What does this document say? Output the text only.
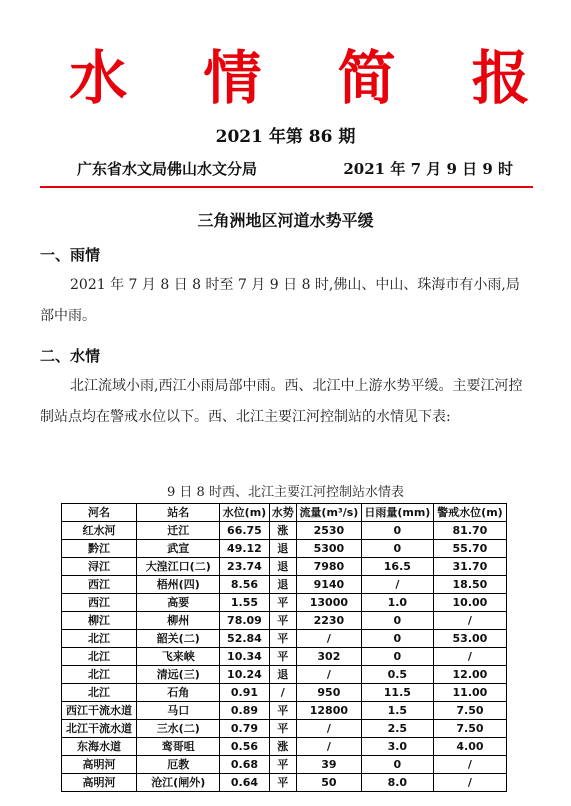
水 情 简 报
2021 年第 86 期
广东省水文局佛山水文分局	2021 年 7 月 9 日 9 时
三角洲地区河道水势平缓
一、雨情
2021 年 7 月 8 日 8 时至 7 月 9 日 8 时,佛山、中山、珠海市有小雨,局部中雨。
二、水情
北江流域小雨,西江小雨局部中雨。西、北江中上游水势平缓。主要江河控制站点均在警戒水位以下。西、北江主要江河控制站的水情见下表:
9 日 8 时西、北江主要江河控制站水情表
河名	站名	水位(m)	水势	流量(m³/s)	日雨量(mm)	警戒水位(m)
红水河	迁江	66.75	涨	2530	0	81.70
黔江	武宣	49.12	退	5300	0	55.70
浔江	大湟江口(二)	23.74	退	7980	16.5	31.70
西江	梧州(四)	8.56	退	9140	/	18.50
西江	高要	1.55	平	13000	1.0	10.00
柳江	柳州	78.09	平	2230	0	/
北江	韶关(二)	52.84	平	/	0	53.00
北江	飞来峡	10.34	平	302	0	/
北江	清远(三)	10.24	退	/	0.5	12.00
北江	石角	0.91	/	950	11.5	11.00
西江干流水道	马口	0.89	平	12800	1.5	7.50
北江干流水道	三水(二)	0.79	平	/	2.5	7.50
东海水道	鸾哥咀	0.56	涨	/	3.0	4.00
高明河	厄教	0.68	平	39	0	/
高明河	沧江(闸外)	0.64	平	50	8.0	/
